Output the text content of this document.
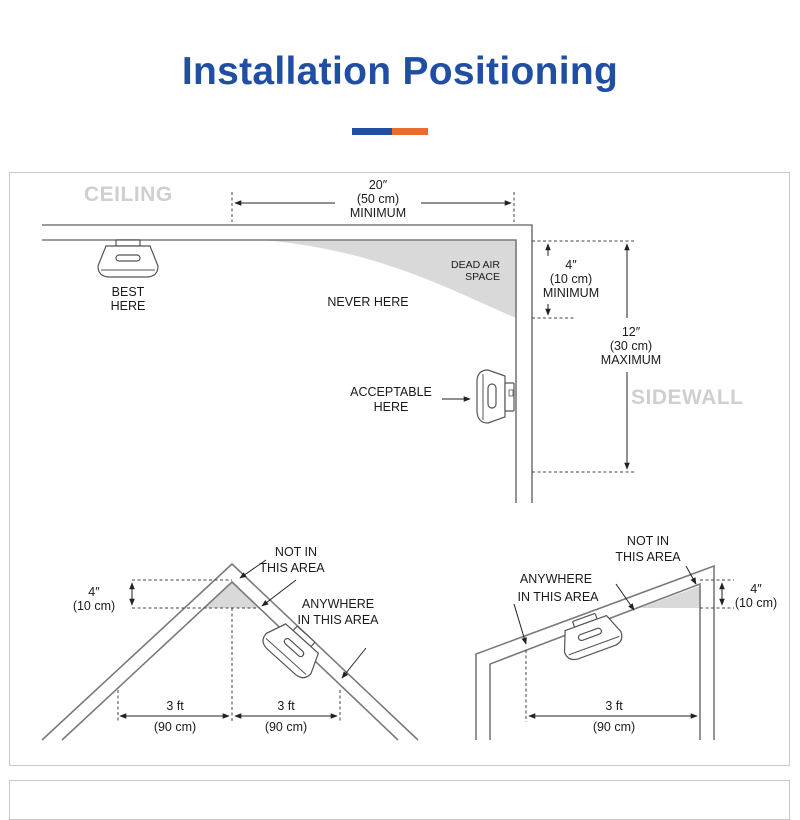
Installation Positioning
CEILING
SIDEWALL
20″
(50 cm)
MINIMUM
4″
(10 cm)
MINIMUM
12″
(30 cm)
MAXIMUM
DEAD AIR
SPACE
NEVER HERE
BEST
HERE
ACCEPTABLE
HERE
4″
(10 cm)
NOT IN
THIS AREA
ANYWHERE
IN THIS AREA
3 ft
(90 cm)
3 ft
(90 cm)
4″
(10 cm)
NOT IN
THIS AREA
ANYWHERE
IN THIS AREA
3 ft
(90 cm)
